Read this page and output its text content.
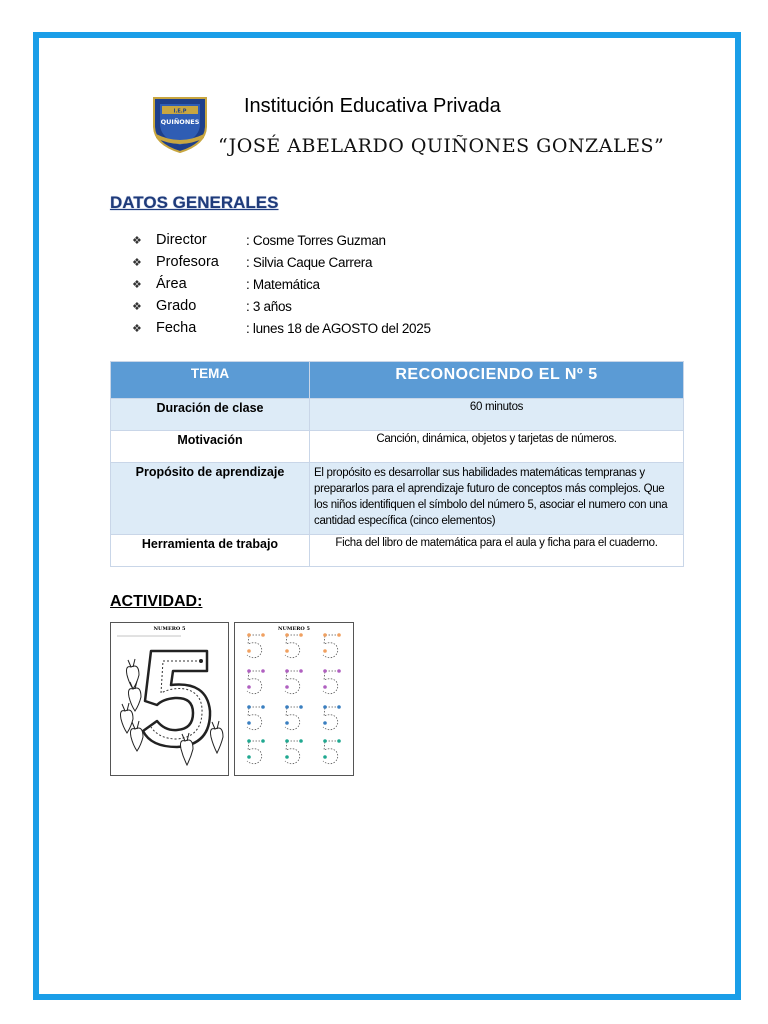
I.E.P
QUIÑONES
Institución Educativa Privada
“JOSÉ ABELARDO QUIÑONES GONZALES”
DATOS GENERALES
❖ Director	: Cosme Torres Guzman
❖ Profesora	: Silvia Caque Carrera
❖ Área	: Matemática
❖ Grado	: 3 años
❖ Fecha	: lunes 18 de AGOSTO del 2025
TEMA	RECONOCIENDO EL Nº 5
Duración de clase	60 minutos
Motivación	Canción, dinámica, objetos y tarjetas de números.
Propósito de aprendizaje	El propósito es desarrollar sus habilidades matemáticas tempranas y prepararlos para el aprendizaje futuro de conceptos más complejos. Que los niños identifiquen el símbolo del número 5, asociar el numero con una cantidad específica (cinco elementos)
Herramienta de trabajo	Ficha del libro de matemática para el aula y ficha para el cuaderno.
ACTIVIDAD:
NUMERO 5	NUMERO 5
